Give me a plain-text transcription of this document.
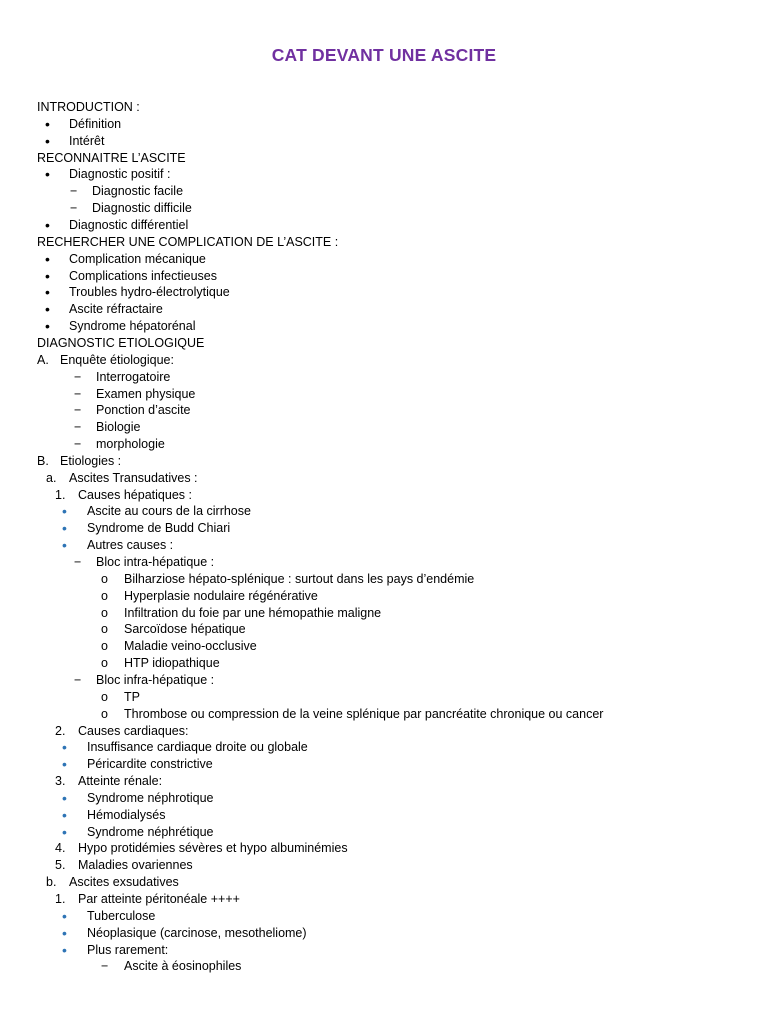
CAT DEVANT UNE ASCITE
INTRODUCTION :
• Définition
• Intérêt
RECONNAITRE L’ASCITE
• Diagnostic positif :
− Diagnostic facile
− Diagnostic difficile
• Diagnostic différentiel
RECHERCHER UNE COMPLICATION DE L’ASCITE :
• Complication mécanique
• Complications infectieuses
• Troubles hydro-électrolytique
• Ascite réfractaire
• Syndrome hépatorénal
DIAGNOSTIC ETIOLOGIQUE
A. Enquête étiologique:
− Interrogatoire
− Examen physique
− Ponction d’ascite
− Biologie
− morphologie
B. Etiologies :
a. Ascites Transudatives :
1. Causes hépatiques :
• Ascite au cours de la cirrhose
• Syndrome de Budd Chiari
• Autres causes :
− Bloc intra-hépatique :
o Bilharziose hépato-splénique : surtout dans les pays d’endémie
o Hyperplasie nodulaire régénérative
o Infiltration du foie par une hémopathie maligne
o Sarcoïdose hépatique
o Maladie veino-occlusive
o HTP idiopathique
− Bloc infra-hépatique :
o TP
o Thrombose ou compression de la veine splénique par pancréatite chronique ou cancer
2. Causes cardiaques:
• Insuffisance cardiaque droite ou globale
• Péricardite constrictive
3. Atteinte rénale:
• Syndrome néphrotique
• Hémodialysés
• Syndrome néphrétique
4. Hypo protidémies sévères et hypo albuminémies
5. Maladies ovariennes
b. Ascites exsudatives
1. Par atteinte péritonéale ++++
• Tuberculose
• Néoplasique (carcinose, mesotheliome)
• Plus rarement:
− Ascite à éosinophiles
